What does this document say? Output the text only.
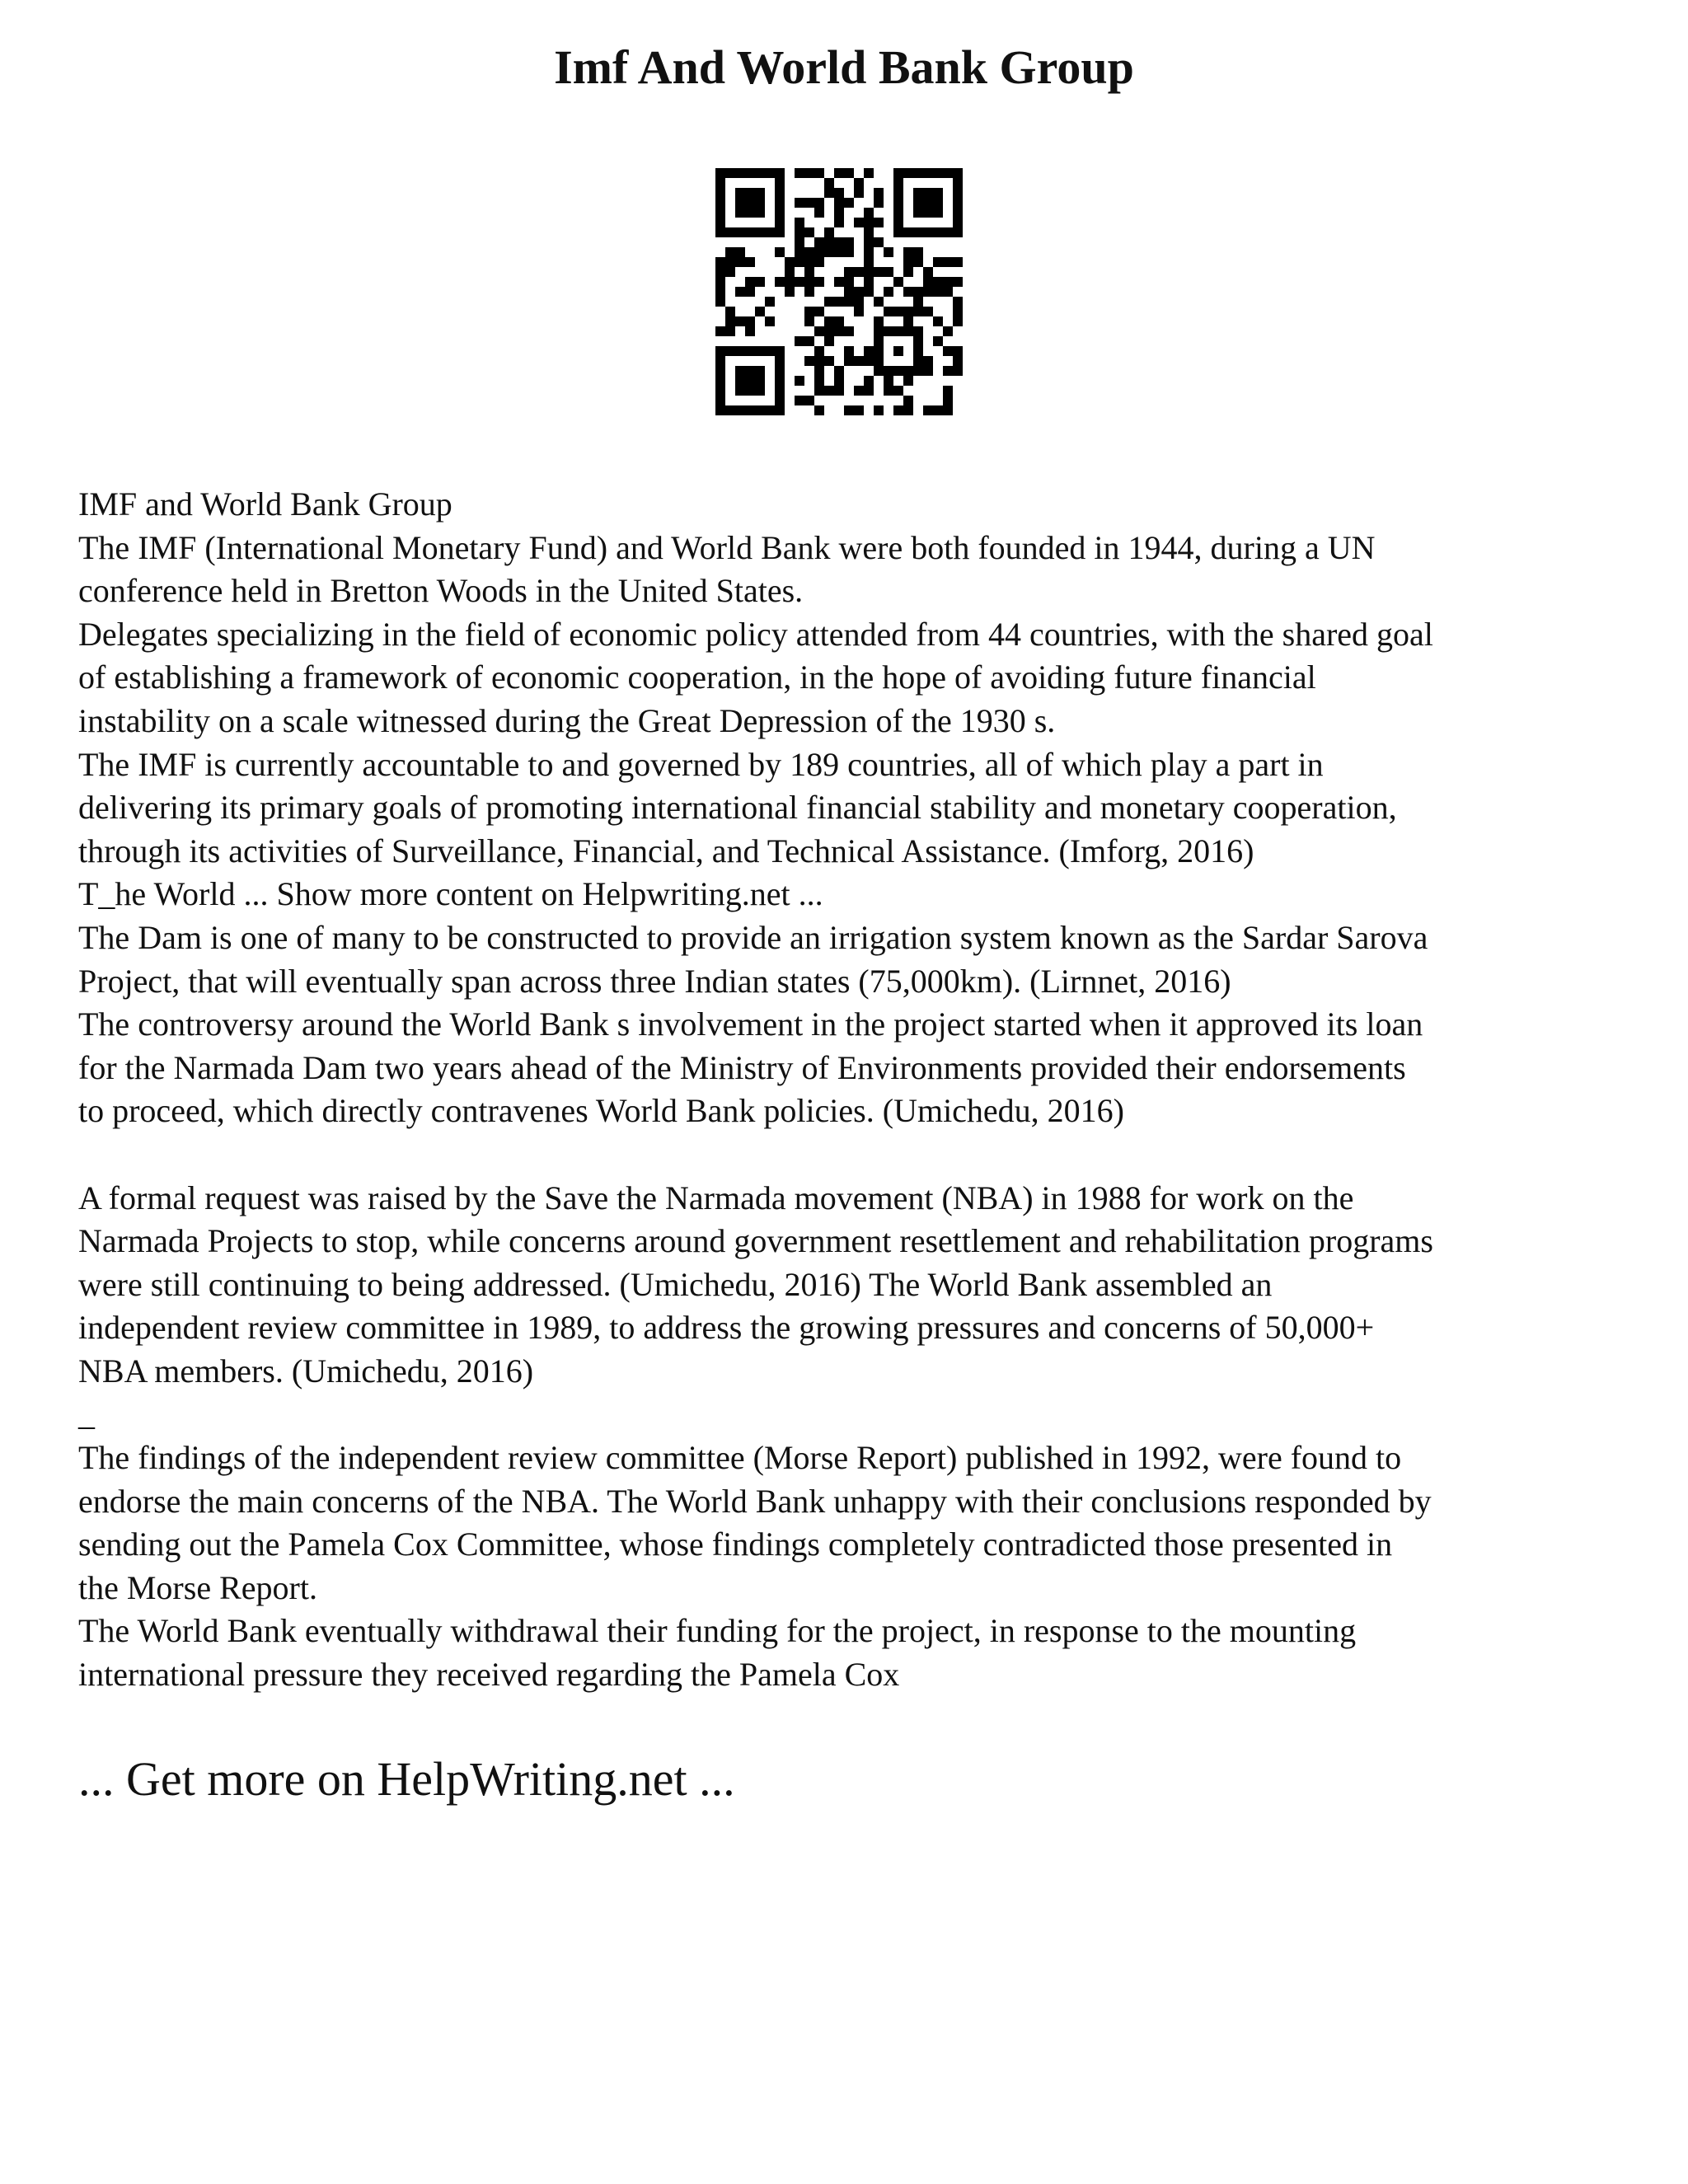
Imf And World Bank Group
IMF and World Bank Group
The IMF (International Monetary Fund) and World Bank were both founded in 1944, during a UN
conference held in Bretton Woods in the United States.
Delegates specializing in the field of economic policy attended from 44 countries, with the shared goal
of establishing a framework of economic cooperation, in the hope of avoiding future financial
instability on a scale witnessed during the Great Depression of the 1930 s.
The IMF is currently accountable to and governed by 189 countries, all of which play a part in
delivering its primary goals of promoting international financial stability and monetary cooperation,
through its activities of Surveillance, Financial, and Technical Assistance. (Imforg, 2016)
T_he World ... Show more content on Helpwriting.net ...
The Dam is one of many to be constructed to provide an irrigation system known as the Sardar Sarova
Project, that will eventually span across three Indian states (75,000km). (Lirnnet, 2016)
The controversy around the World Bank s involvement in the project started when it approved its loan
for the Narmada Dam two years ahead of the Ministry of Environments provided their endorsements
to proceed, which directly contravenes World Bank policies. (Umichedu, 2016)
A formal request was raised by the Save the Narmada movement (NBA) in 1988 for work on the
Narmada Projects to stop, while concerns around government resettlement and rehabilitation programs
were still continuing to being addressed. (Umichedu, 2016) The World Bank assembled an
independent review committee in 1989, to address the growing pressures and concerns of 50,000+
NBA members. (Umichedu, 2016)
_
The findings of the independent review committee (Morse Report) published in 1992, were found to
endorse the main concerns of the NBA. The World Bank unhappy with their conclusions responded by
sending out the Pamela Cox Committee, whose findings completely contradicted those presented in
the Morse Report.
The World Bank eventually withdrawal their funding for the project, in response to the mounting
international pressure they received regarding the Pamela Cox
... Get more on HelpWriting.net ...
